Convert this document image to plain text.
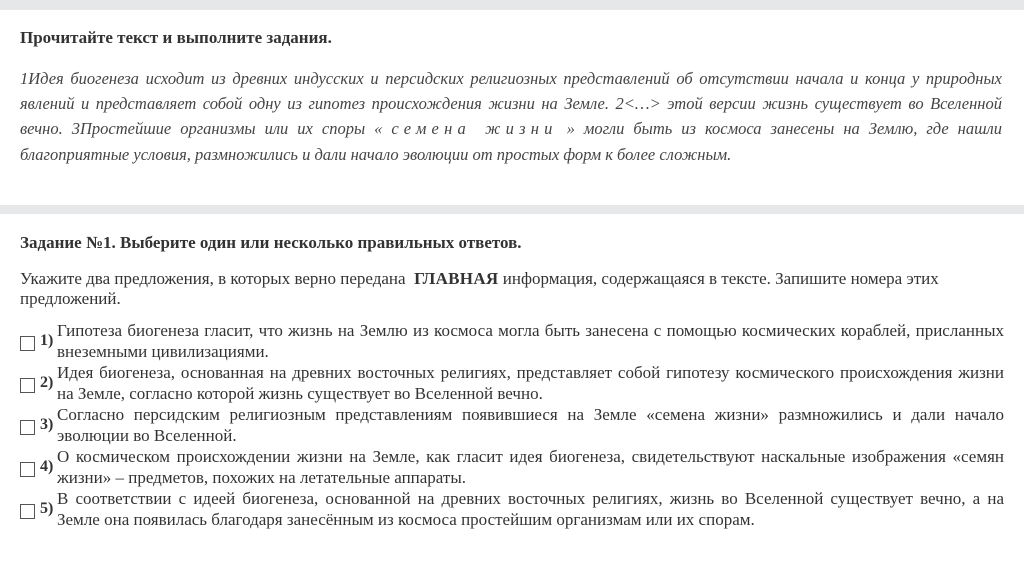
Прочитайте текст и выполните задания.
1Идея биогенеза исходит из древних индусских и персидских религиозных представлений об отсутствии начала и конца у природных явлений и представляет собой одну из гипотез происхождения жизни на Земле. 2<…> этой версии жизнь существует во Вселенной вечно. 3Простейшие организмы или их споры « семена жизни » могли быть из космоса занесены на Землю, где нашли благоприятные условия, размножились и дали начало эволюции от простых форм к более сложным.
Задание №1. Выберите один или несколько правильных ответов.
Укажите два предложения, в которых верно передана ГЛАВНАЯ информация, содержащаяся в тексте. Запишите номера этих предложений.
1)
Гипотеза биогенеза гласит, что жизнь на Землю из космоса могла быть занесена с помощью космических кораблей, присланных внеземными цивилизациями.
2)
Идея биогенеза, основанная на древних восточных религиях, представляет собой гипотезу космического происхождения жизни на Земле, согласно которой жизнь существует во Вселенной вечно.
3)
Согласно персидским религиозным представлениям появившиеся на Земле «семена жизни» размножились и дали начало эволюции во Вселенной.
4)
О космическом происхождении жизни на Земле, как гласит идея биогенеза, свидетельствуют наскальные изображения «семян жизни» – предметов, похожих на летательные аппараты.
5)
В соответствии с идеей биогенеза, основанной на древних восточных религиях, жизнь во Вселенной существует вечно, а на Земле она появилась благодаря занесённым из космоса простейшим организмам или их спорам.
